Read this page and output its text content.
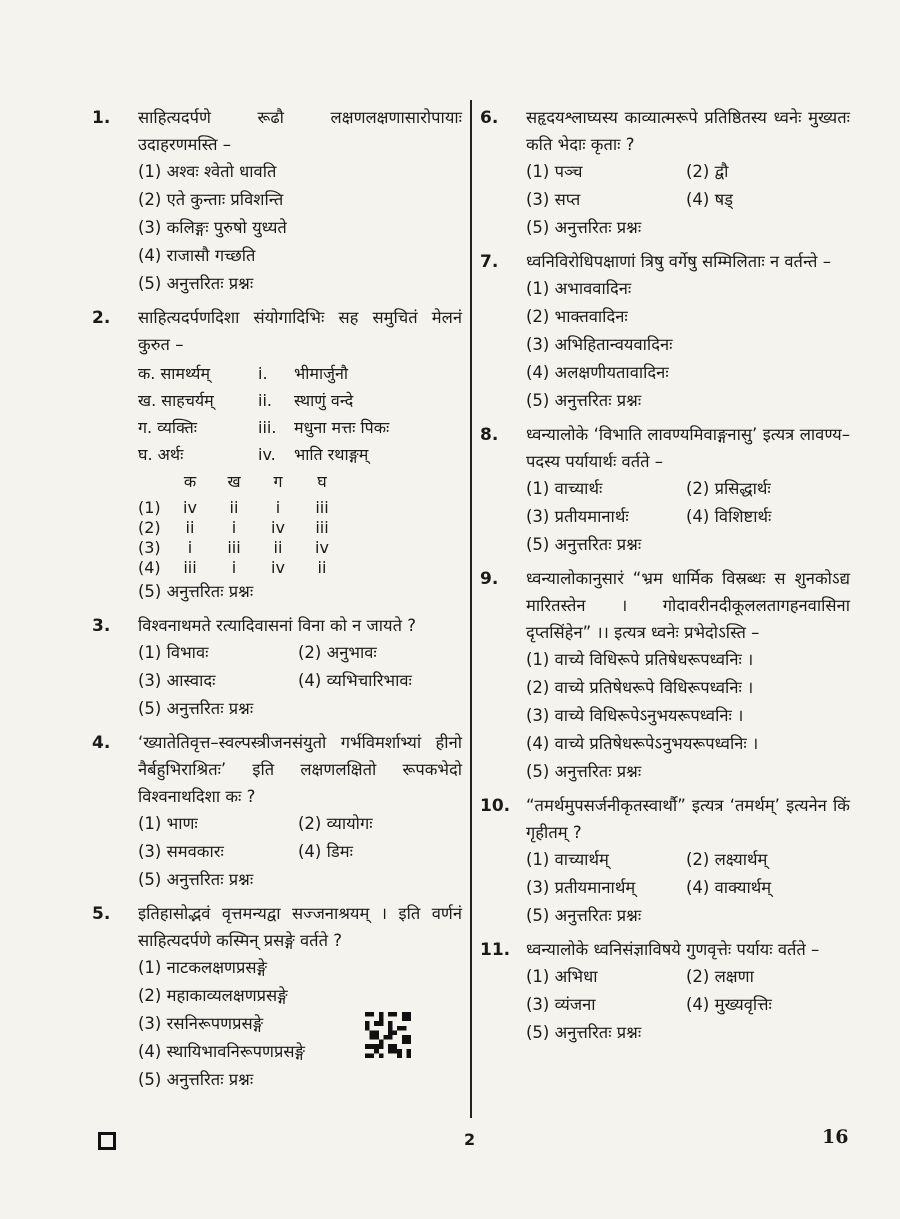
1.	साहित्यदर्पणे रूढौ लक्षणलक्षणासारोपायाः उदाहरणमस्ति –

(1) अश्वः श्वेतो धावति
(2) एते कुन्ताः प्रविशन्ति
(3) कलिङ्गः पुरुषो युध्यते
(4) राजासौ गच्छति
(5) अनुत्तरितः प्रश्नः
2.	साहित्यदर्पणदिशा संयोगादिभिः सह समुचितं मेलनं कुरुत –

क. सामर्थ्यम्	i.	भीमार्जुनौ
ख. साहचर्यम्	ii.	स्थाणुं वन्दे
ग. व्यक्तिः	iii.	मधुना मत्तः पिकः
घ. अर्थः	iv.	भाति रथाङ्गम्
क	ख	ग	घ
(1)	iv	ii	i	iii
(2)	ii	i	iv	iii
(3)	i	iii	ii	iv
(4)	iii	i	iv	ii
(5) अनुत्तरितः प्रश्नः
3.	विश्वनाथमते रत्यादिवासनां विना को न जायते ?

(1) विभावः	(2) अनुभावः
(3) आस्वादः	(4) व्यभिचारिभावः
(5) अनुत्तरितः प्रश्नः
4.	‘ख्यातेतिवृत्त–स्वल्पस्त्रीजनसंयुतो गर्भविमर्शाभ्यां हीनो नैर्बहुभिराश्रितः’ इति लक्षणलक्षितो रूपकभेदो विश्वनाथदिशा कः ?

(1) भाणः	(2) व्यायोगः
(3) समवकारः	(4) डिमः
(5) अनुत्तरितः प्रश्नः
5.	इतिहासोद्भवं वृत्तमन्यद्वा सज्जनाश्रयम् । इति वर्णनं साहित्यदर्पणे कस्मिन् प्रसङ्गे वर्तते ?

(1) नाटकलक्षणप्रसङ्गे
(2) महाकाव्यलक्षणप्रसङ्गे
(3) रसनिरूपणप्रसङ्गे
(4) स्थायिभावनिरूपणप्रसङ्गे
(5) अनुत्तरितः प्रश्नः
6.	सहृदयश्लाघ्यस्य काव्यात्मरूपे प्रतिष्ठितस्य ध्वनेः मुख्यतः कति भेदाः कृताः ?

(1) पञ्च	(2) द्वौ
(3) सप्त	(4) षड्
(5) अनुत्तरितः प्रश्नः
7.	ध्वनिविरोधिपक्षाणां त्रिषु वर्गेषु सम्मिलिताः न वर्तन्ते –

(1) अभाववादिनः
(2) भाक्तवादिनः
(3) अभिहितान्वयवादिनः
(4) अलक्षणीयतावादिनः
(5) अनुत्तरितः प्रश्नः
8.	ध्वन्यालोके ‘विभाति लावण्यमिवाङ्गनासु’ इत्यत्र लावण्य–पदस्य पर्यायार्थः वर्तते –

(1) वाच्यार्थः	(2) प्रसिद्धार्थः
(3) प्रतीयमानार्थः	(4) विशिष्टार्थः
(5) अनुत्तरितः प्रश्नः
9.	ध्वन्यालोकानुसारं “भ्रम धार्मिक विस्रब्धः स शुनकोऽद्य मारितस्तेन । गोदावरीनदीकूललतागहनवासिना दृप्तसिंहेन” ।। इत्यत्र ध्वनेः प्रभेदोऽस्ति –

(1) वाच्ये विधिरूपे प्रतिषेधरूपध्वनिः ।
(2) वाच्ये प्रतिषेधरूपे विधिरूपध्वनिः ।
(3) वाच्ये विधिरूपेऽनुभयरूपध्वनिः ।
(4) वाच्ये प्रतिषेधरूपेऽनुभयरूपध्वनिः ।
(5) अनुत्तरितः प्रश्नः
10. “तमर्थमुपसर्जनीकृतस्वार्थौ” इत्यत्र ‘तमर्थम्’ इत्यनेन किं गृहीतम् ?

(1) वाच्यार्थम्	(2) लक्ष्यार्थम्
(3) प्रतीयमानार्थम्	(4) वाक्यार्थम्
(5) अनुत्तरितः प्रश्नः
11. ध्वन्यालोके ध्वनिसंज्ञाविषये गुणवृत्तेः पर्यायः वर्तते –

(1) अभिधा	(2) लक्षणा
(3) व्यंजना	(4) मुख्यवृत्तिः
(5) अनुत्तरितः प्रश्नः
2	16
